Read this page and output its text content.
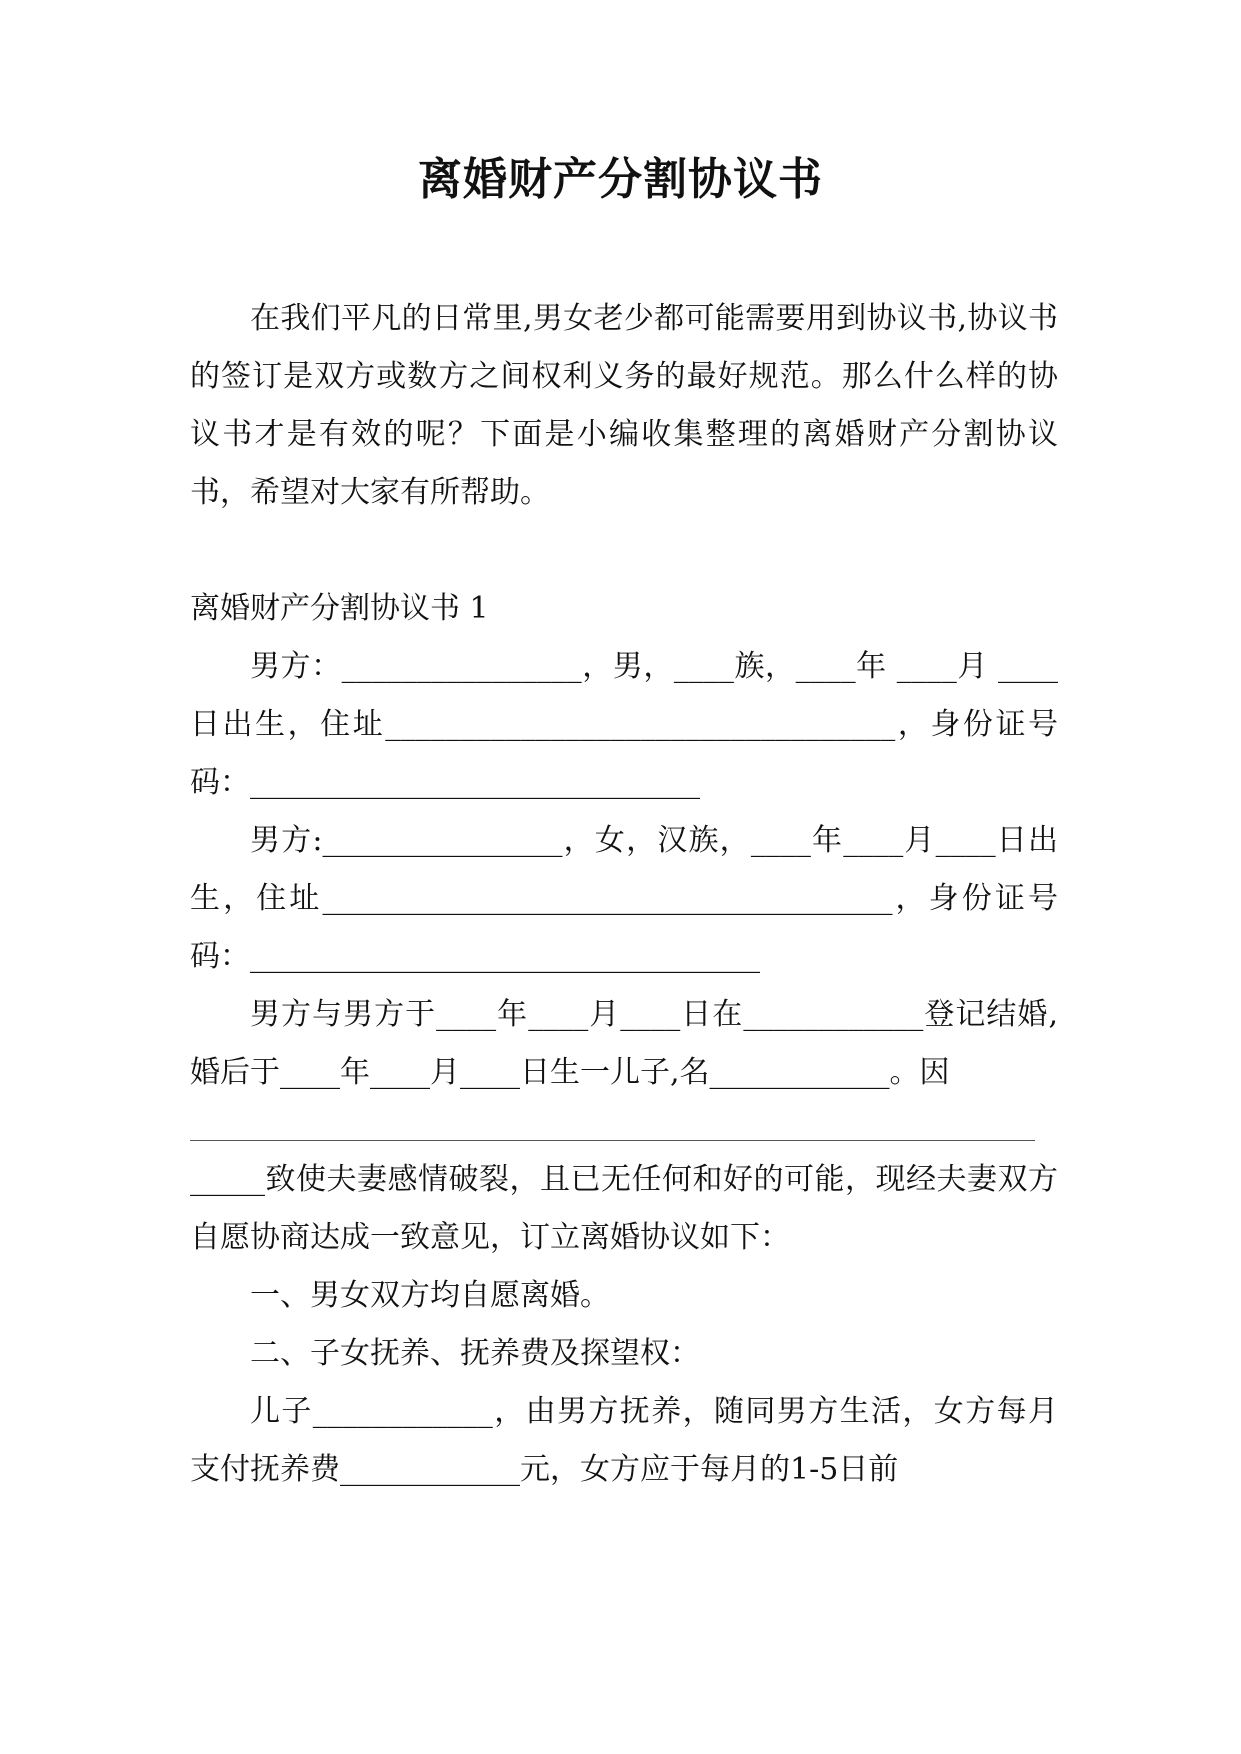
离婚财产分割协议书

在我们平凡的日常里,男女老少都可能需要用到协议书,协议书的签订是双方或数方之间权利义务的最好规范。那么什么样的协议书才是有效的呢？下面是小编收集整理的离婚财产分割协议书，希望对大家有所帮助。

离婚财产分割协议书 1

男方：________________，男，____族，____年 ____月 ____日出生，住址__________________________________，身份证号码：______________________________

男方:________________，女，汉族，____年____月____日出生，住址______________________________________，身份证号码：__________________________________

男方与男方于____年____月____日在____________登记结婚,婚后于____年____月____日生一儿子,名____________。因

_____致使夫妻感情破裂，且已无任何和好的可能，现经夫妻双方自愿协商达成一致意见，订立离婚协议如下：

一、男女双方均自愿离婚。

二、子女抚养、抚养费及探望权：

儿子____________，由男方抚养，随同男方生活，女方每月支付抚养费____________元，女方应于每月的1-5日前
